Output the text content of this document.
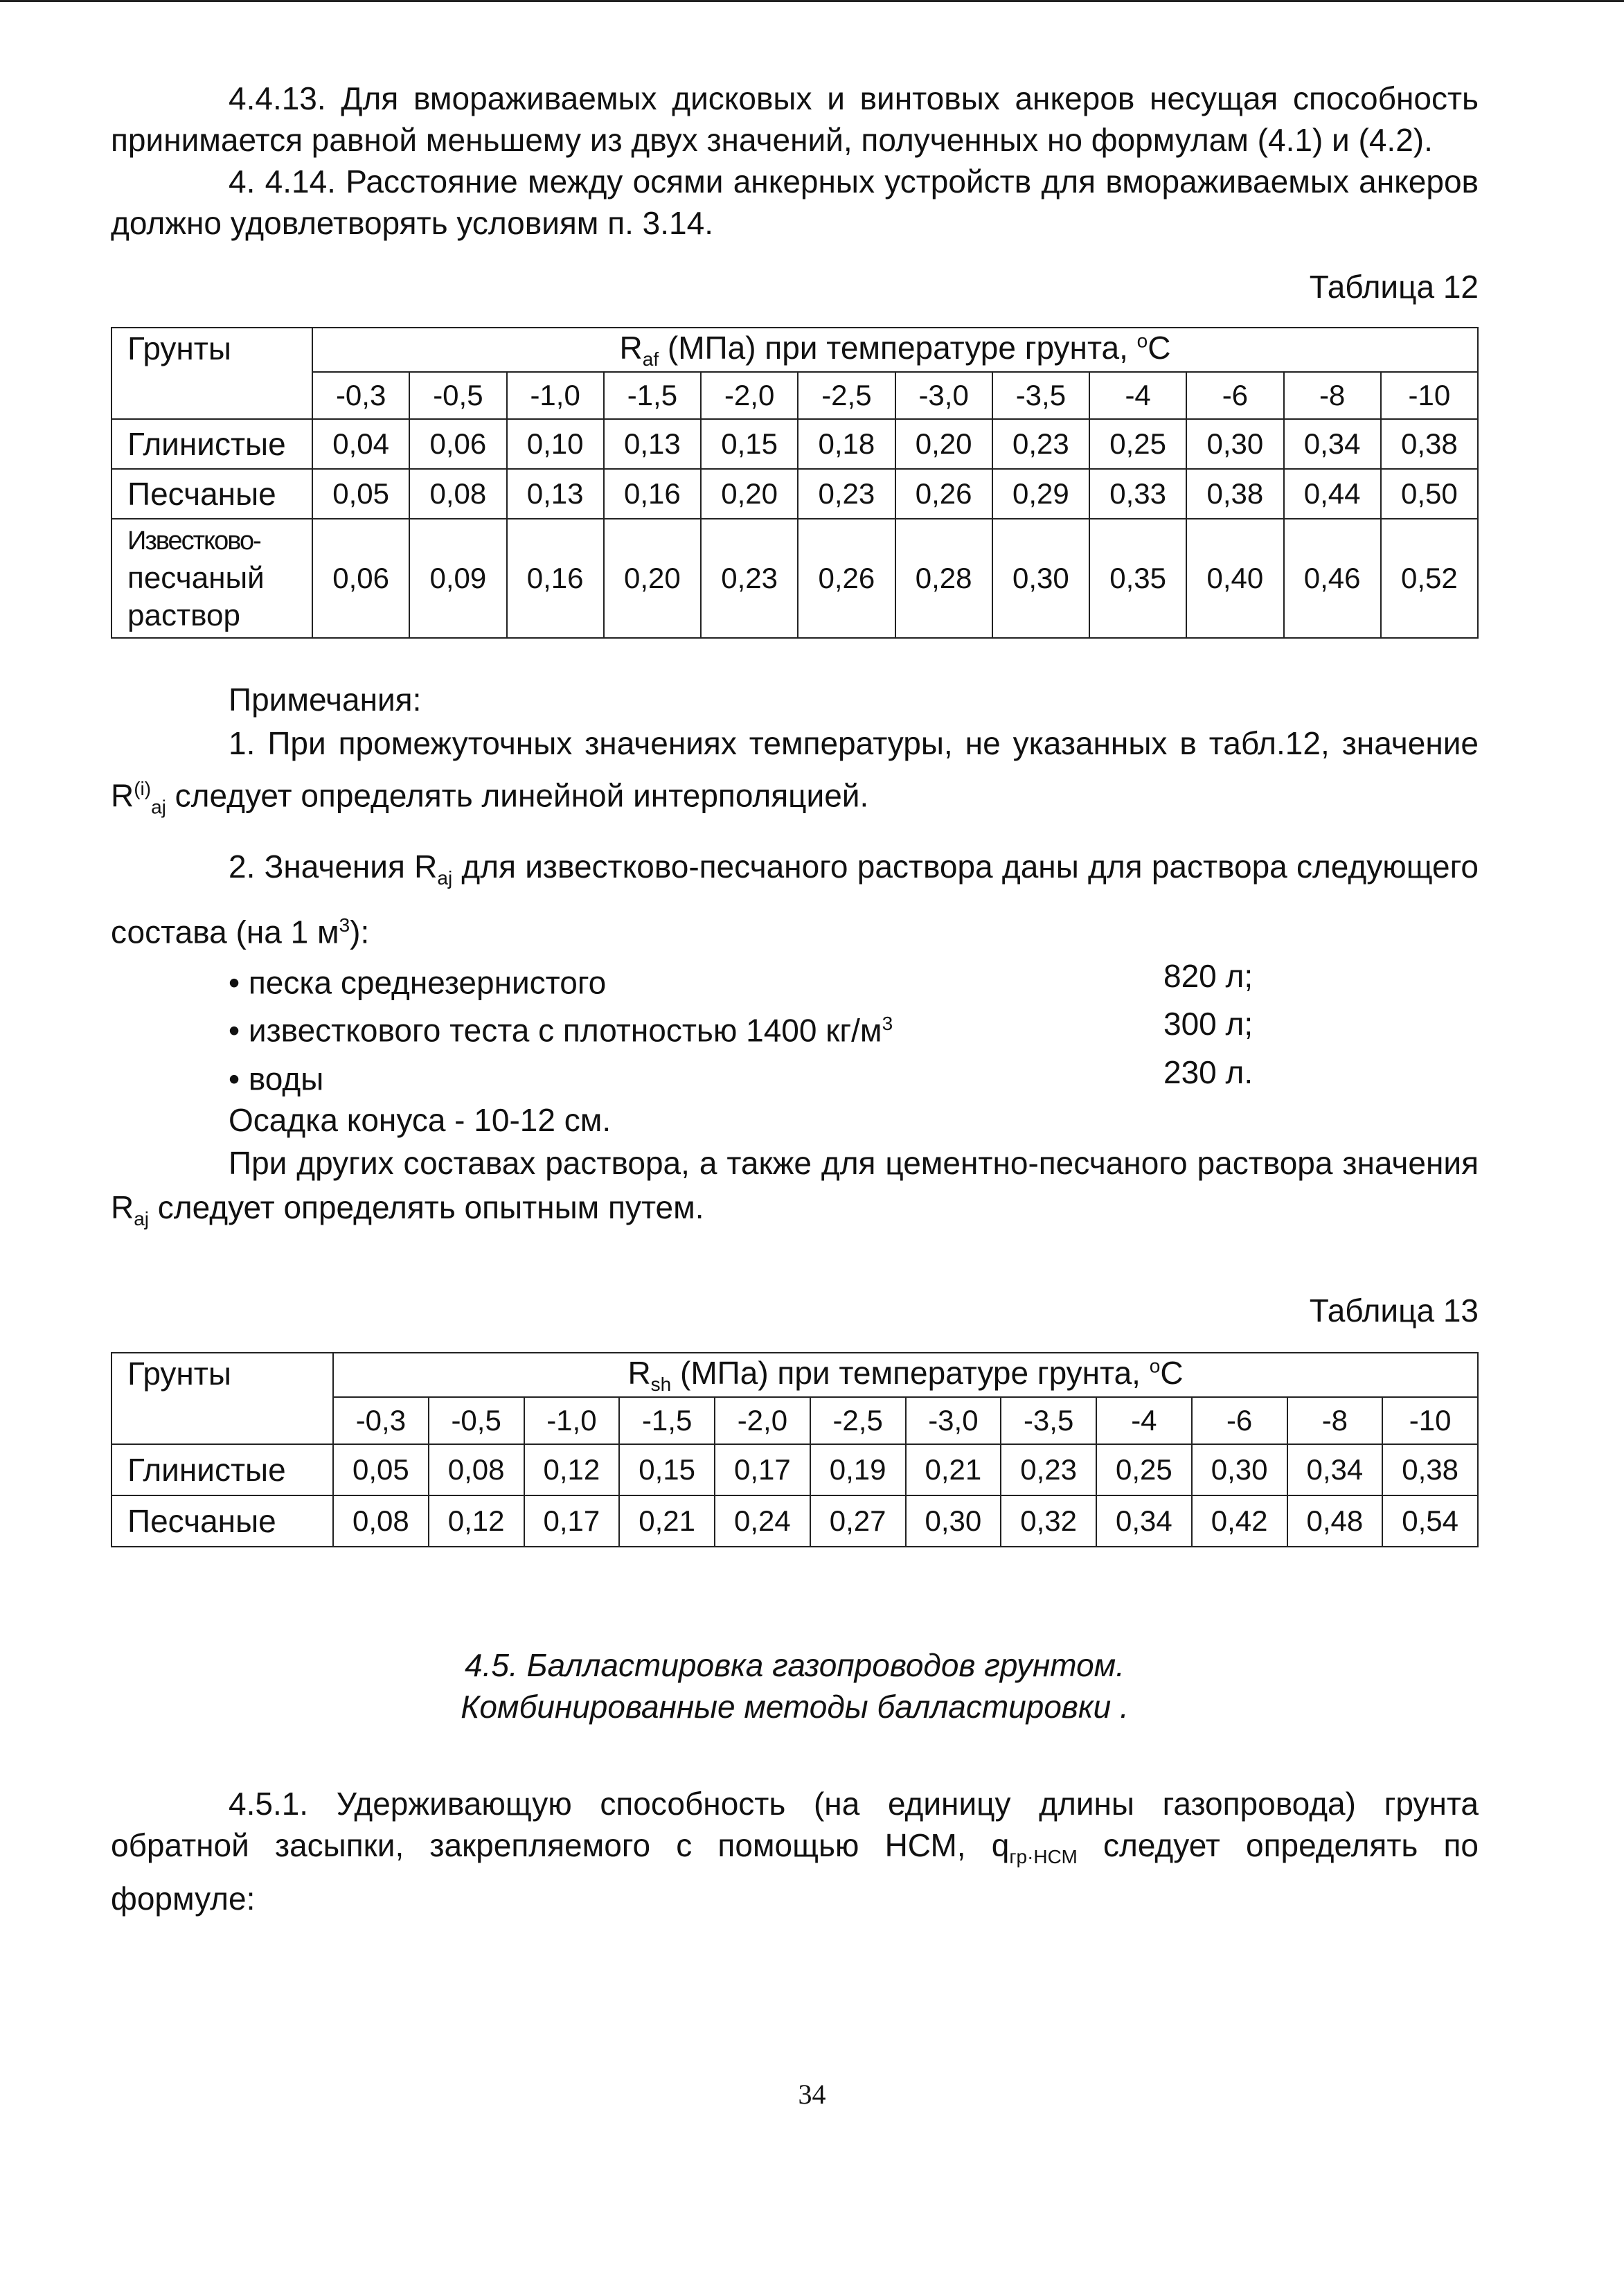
4.4.13. Для вмораживаемых дисковых и винтовых анкеров несущая способность принимается равной меньшему из двух значений, полученных но формулам (4.1) и (4.2).

4. 4.14. Расстояние между осями анкерных устройств для вмораживаемых анкеров должно удовлетворять условиям п. 3.14.

Таблица 12
Грунты	$R_{af}$ (МПа) при температуре грунта, $^о$С											
	-0,3	-0,5	-1,0	-1,5	-2,0	-2,5	-3,0	-3,5	-4	-6	-8	-10
Глинистые	0,04	0,06	0,10	0,13	0,15	0,18	0,20	0,23	0,25	0,30	0,34	0,38
Песчаные	0,05	0,08	0,13	0,16	0,20	0,23	0,26	0,29	0,33	0,38	0,44	0,50

Известково-
песчаный
раствор	0,06	0,09	0,16	0,20	0,23	0,26	0,28	0,30	0,35	0,40	0,46	0,52

Примечания:

1. При промежуточных значениях температуры, не указанных в табл.12, значение $R^{(i)}_{aj}$ следует определять линейной интерполяцией.

2. Значения $R_{aj}$ для известково-песчаного раствора даны для раствора следующего состава (на 1 $м^3$):

• песка среднезернистого	820 л;
• известкового теста с плотностью 1400 $кг/м^3$	300 л;
• воды	230 л.

Осадка конуса - 10-12 см.

При других составах раствора, а также для цементно-песчаного раствора значения $R_{aj}$ следует определять опытным путем.

Таблица 13
Грунты	$R_{sh}$ (МПа) при температуре грунта, $^о$С											
	-0,3	-0,5	-1,0	-1,5	-2,0	-2,5	-3,0	-3,5	-4	-6	-8	-10
Глинистые	0,05	0,08	0,12	0,15	0,17	0,19	0,21	0,23	0,25	0,30	0,34	0,38
Песчаные	0,08	0,12	0,17	0,21	0,24	0,27	0,30	0,32	0,34	0,42	0,48	0,54
4.5. Балластировка газопроводов грунтом.
Комбинированные методы балластировки .

4.5.1. Удерживающую способность (на единицу длины газопровода) грунта обратной засыпки, закрепляемого с помощью НСМ, $q_{гр\cdot НСМ}$ следует определять по формуле:

34
